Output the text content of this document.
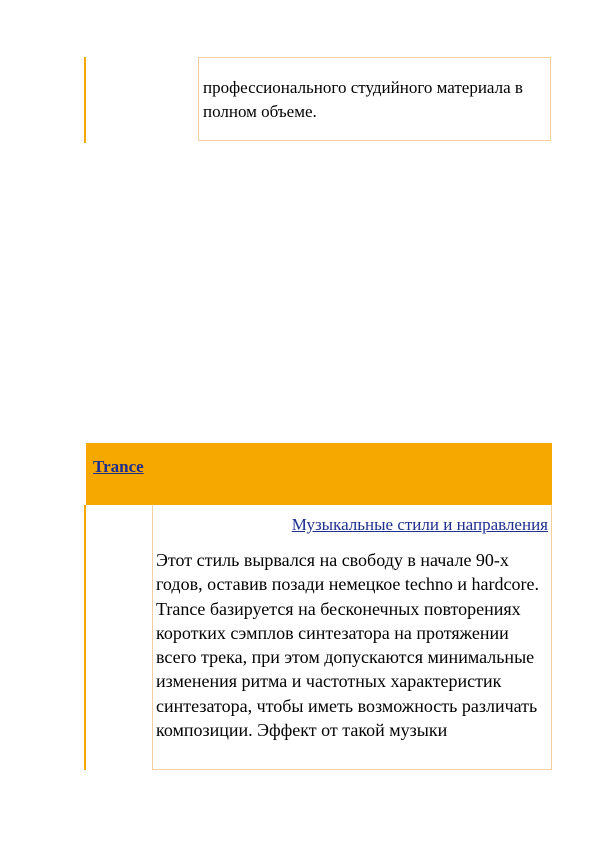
профессионального студийного материала в полном объеме.
Trance
Музыкальные стили и направления
Этот стиль вырвался на свободу в начале 90-х годов, оставив позади немецкое techno и hardcore. Trance базируется на бесконечных повторениях коротких сэмплов синтезатора на протяжении всего трека, при этом допускаются минимальные изменения ритма и частотных характеристик синтезатора, чтобы иметь возможность различать композиции. Эффект от такой музыки
